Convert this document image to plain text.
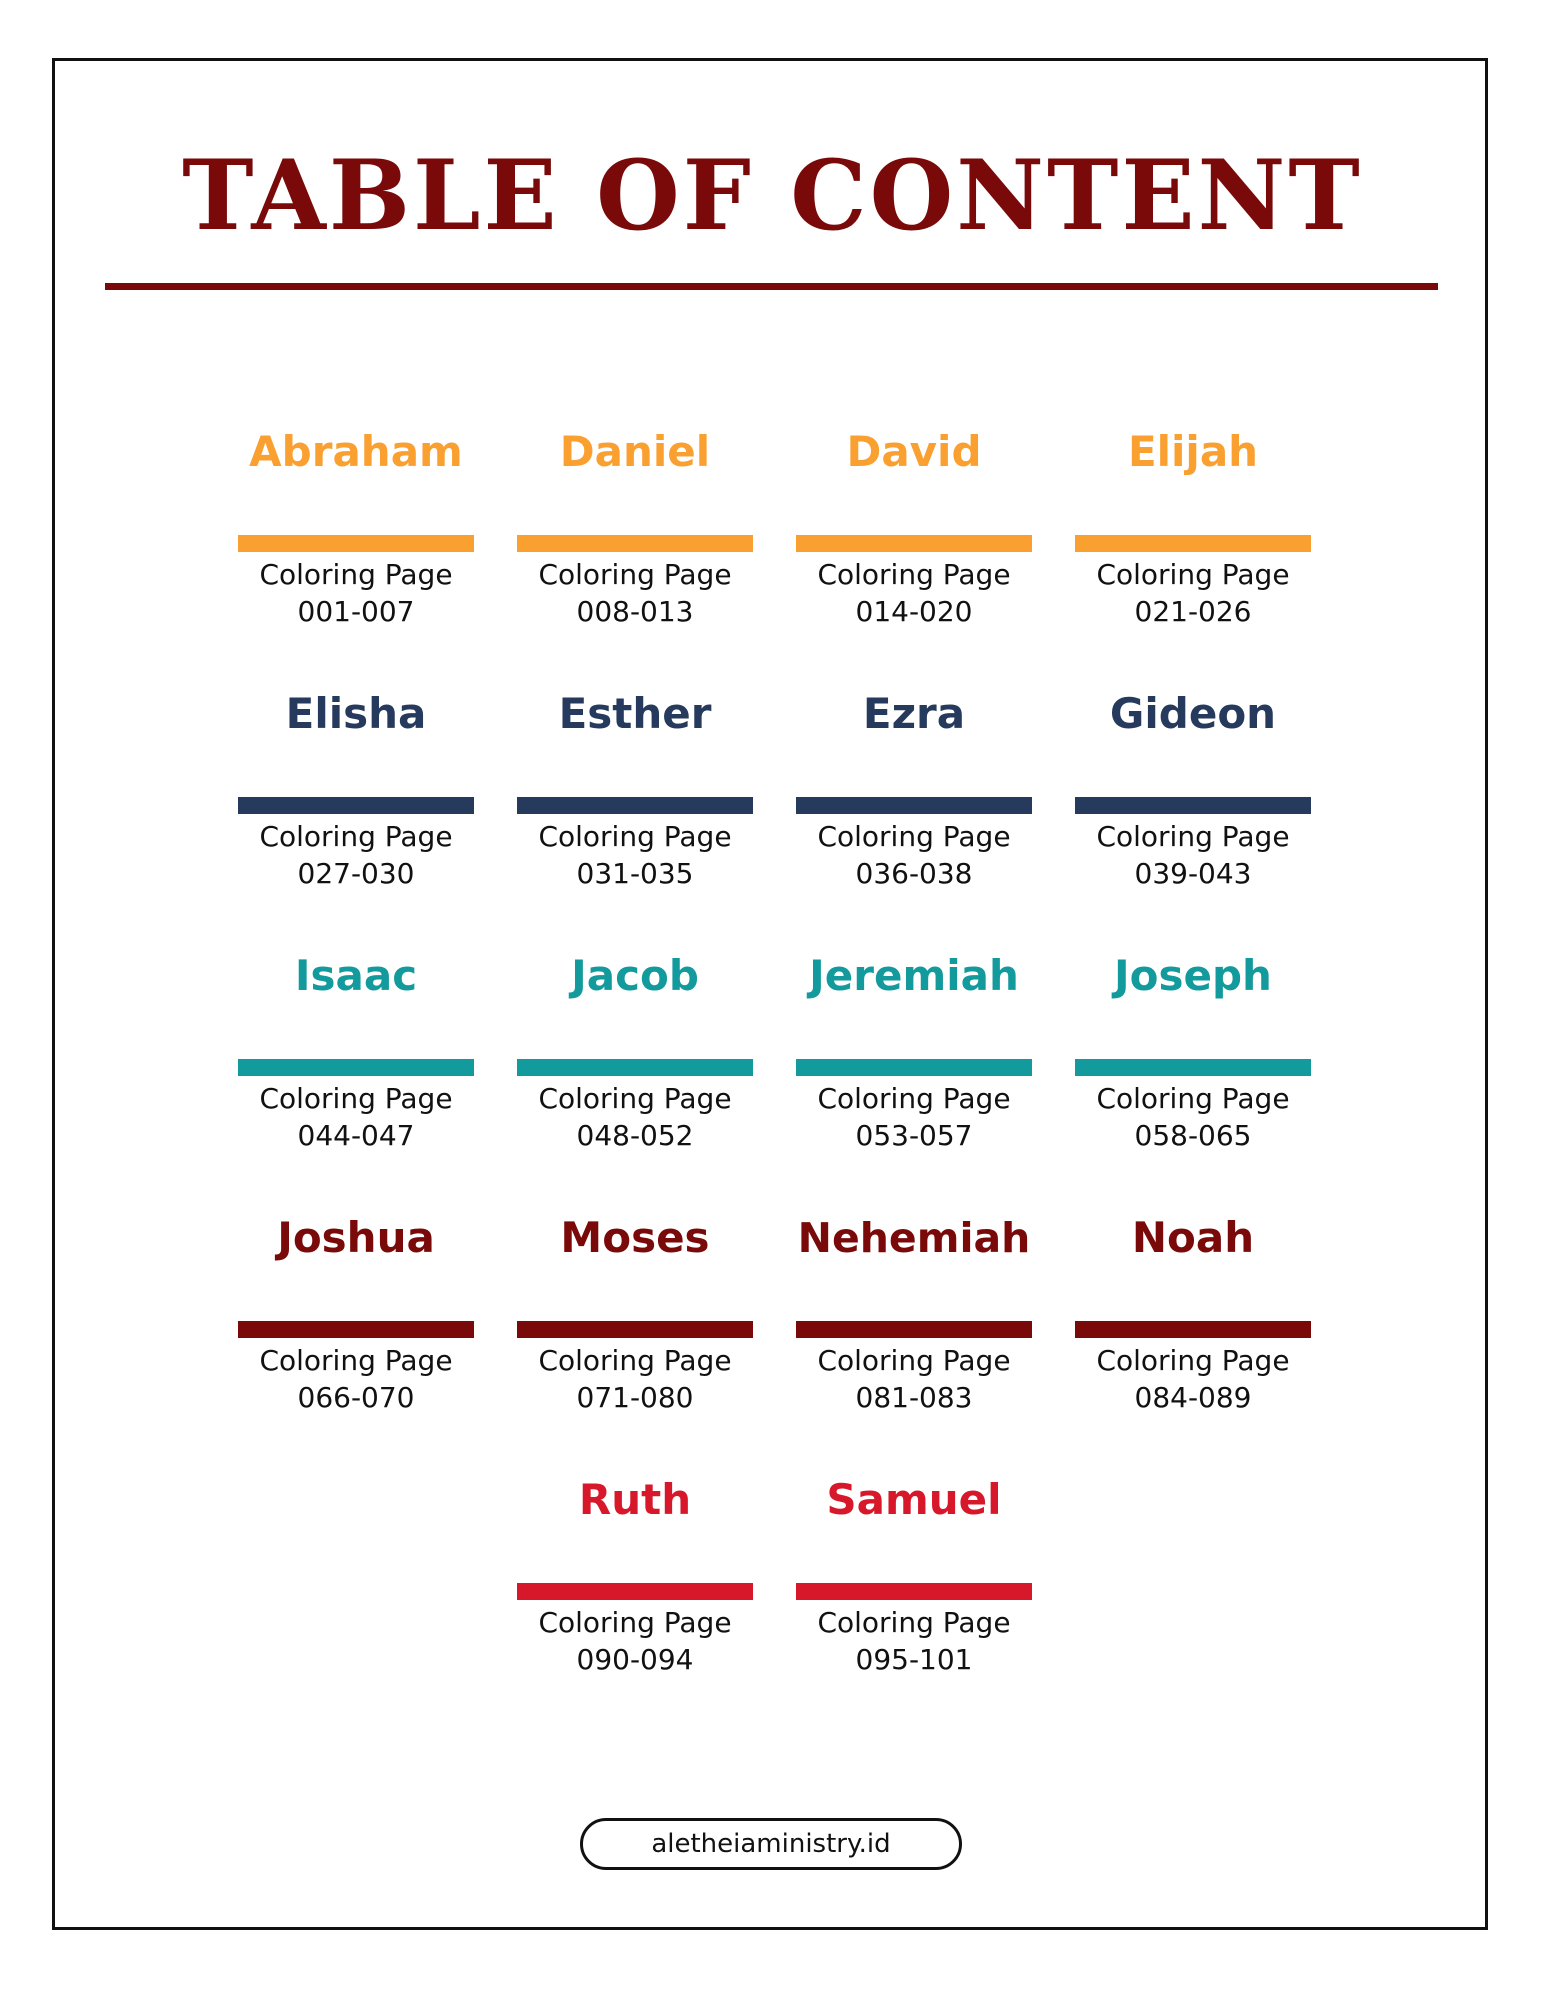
TABLE OF CONTENT
Abraham
Coloring Page
001-007
Daniel
Coloring Page
008-013
David
Coloring Page
014-020
Elijah
Coloring Page
021-026
Elisha
Coloring Page
027-030
Esther
Coloring Page
031-035
Ezra
Coloring Page
036-038
Gideon
Coloring Page
039-043
Isaac
Coloring Page
044-047
Jacob
Coloring Page
048-052
Jeremiah
Coloring Page
053-057
Joseph
Coloring Page
058-065
Joshua
Coloring Page
066-070
Moses
Coloring Page
071-080
Nehemiah
Coloring Page
081-083
Noah
Coloring Page
084-089
Ruth
Coloring Page
090-094
Samuel
Coloring Page
095-101
aletheiaministry.id
